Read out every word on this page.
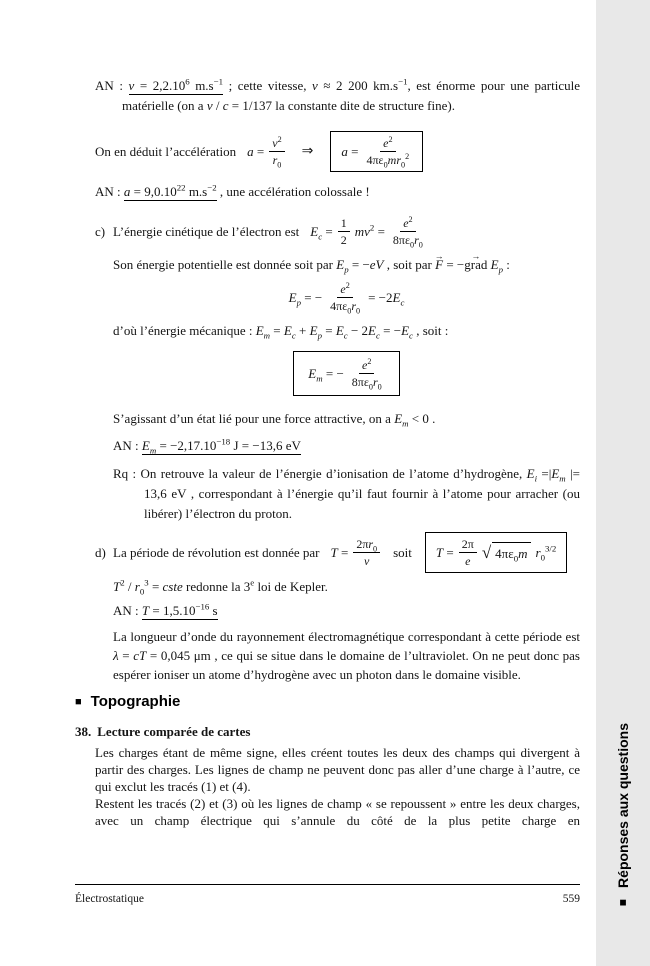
■Réponses aux questions

AN : $v = 2,2.10^6$ $m.s^{-1}$ ; cette vitesse, v ≈ 2 200 $km.s^{-1}$, est énorme pour une particule matérielle (on a v / c = 1/137 la constante dite de structure fine).

On en déduit l’accélération $a = \frac{v^2}{r_0}$ ⇒ $a = \frac{e^2}{4\pi\varepsilon_0mr_0^2}$

AN : $a = 9,0.10^{22}$ $m.s^{-2}$ , une accélération colossale !

c) L’énergie cinétique de l’électron est $E_c = \frac{1}{2} mv^2 = \frac{e^2}{8\pi\varepsilon_0r_0}$

Son énergie potentielle est donnée soit par $E_p = -eV$ , soit par F → = −grad → $E_p$ :

$E_p$ = − $\frac{e^2}{4\pi\varepsilon_0r_0} = -2E_c$

d’où l’énergie mécanique : $E_m = E_c + E_p = E_c - 2E_c = -E_c$ , soit :

$E_m$ = − $\frac{e^2}{8\pi\varepsilon_0r_0}$

S’agissant d’un état lié pour une force attractive, on a $E_m < 0$ .

AN : $E_m = -2,17.10^{-18}$ J = −13,6 eV

Rq : On retrouve la valeur de l’énergie d’ionisation de l’atome d’hydrogène, $E_i =|E_m$ |= 13,6 eV , correspondant à l’énergie qu’il faut fournir à l’atome pour arracher (ou libérer) l’électron du proton.

d) La période de révolution est donnée par $T = \frac{2\pi r_0}{v}$ soit $T = \frac{2\pi}{e}$ √ $4\pi\varepsilon_0m$ $r_0^{3/2}$

$T^2 / r_0^3$ = cste redonne la 3e loi de Kepler.

AN : $T = 1,5.10^{-16}$ s

La longueur d’onde du rayonnement électromagnétique correspondant à cette période est λ = cT = 0,045 μm , ce qui se situe dans le domaine de l’ultraviolet. On ne peut donc pas espérer ioniser un atome d’hydrogène avec un photon dans le domaine visible.

■ Topographie

38. Lecture comparée de cartes

Les charges étant de même signe, elles créent toutes les deux des champs qui divergent à partir des charges. Les lignes de champ ne peuvent donc pas aller d’une charge à l’autre, ce qui exclut les tracés (1) et (4).

Restent les tracés (2) et (3) où les lignes de champ « se repoussent » entre les deux charges, avec un champ électrique qui s’annule du côté de la plus petite charge en

Électrostatique	559
